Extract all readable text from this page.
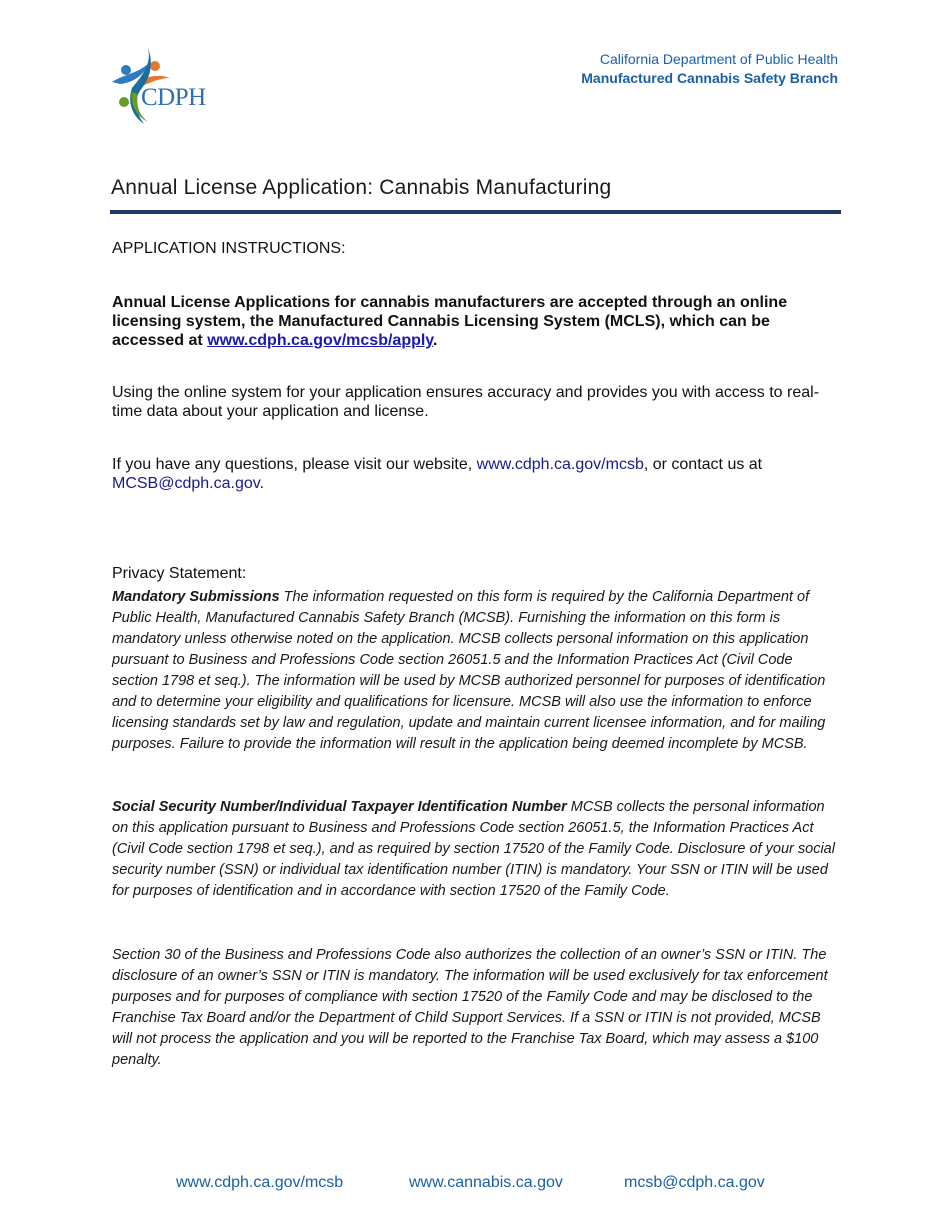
CDPH
California Department of Public Health
Manufactured Cannabis Safety Branch
Annual License Application: Cannabis Manufacturing
APPLICATION INSTRUCTIONS:
Annual License Applications for cannabis manufacturers are accepted through an online licensing system, the Manufactured Cannabis Licensing System (MCLS), which can be accessed at www.cdph.ca.gov/mcsb/apply.
Using the online system for your application ensures accuracy and provides you with access to real-time data about your application and license.
If you have any questions, please visit our website, www.cdph.ca.gov/mcsb, or contact us at MCSB@cdph.ca.gov.
Privacy Statement:
Mandatory Submissions The information requested on this form is required by the California Department of Public Health, Manufactured Cannabis Safety Branch (MCSB). Furnishing the information on this form is mandatory unless otherwise noted on the application. MCSB collects personal information on this application pursuant to Business and Professions Code section 26051.5 and the Information Practices Act (Civil Code section 1798 et seq.). The information will be used by MCSB authorized personnel for purposes of identification and to determine your eligibility and qualifications for licensure. MCSB will also use the information to enforce licensing standards set by law and regulation, update and maintain current licensee information, and for mailing purposes. Failure to provide the information will result in the application being deemed incomplete by MCSB.
Social Security Number/Individual Taxpayer Identification Number MCSB collects the personal information on this application pursuant to Business and Professions Code section 26051.5, the Information Practices Act (Civil Code section 1798 et seq.), and as required by section 17520 of the Family Code. Disclosure of your social security number (SSN) or individual tax identification number (ITIN) is mandatory. Your SSN or ITIN will be used for purposes of identification and in accordance with section 17520 of the Family Code.
Section 30 of the Business and Professions Code also authorizes the collection of an owner’s SSN or ITIN. The disclosure of an owner’s SSN or ITIN is mandatory. The information will be used exclusively for tax enforcement purposes and for purposes of compliance with section 17520 of the Family Code and may be disclosed to the Franchise Tax Board and/or the Department of Child Support Services. If a SSN or ITIN is not provided, MCSB will not process the application and you will be reported to the Franchise Tax Board, which may assess a $100 penalty.
www.cdph.ca.gov/mcsb	www.cannabis.ca.gov	mcsb@cdph.ca.gov
